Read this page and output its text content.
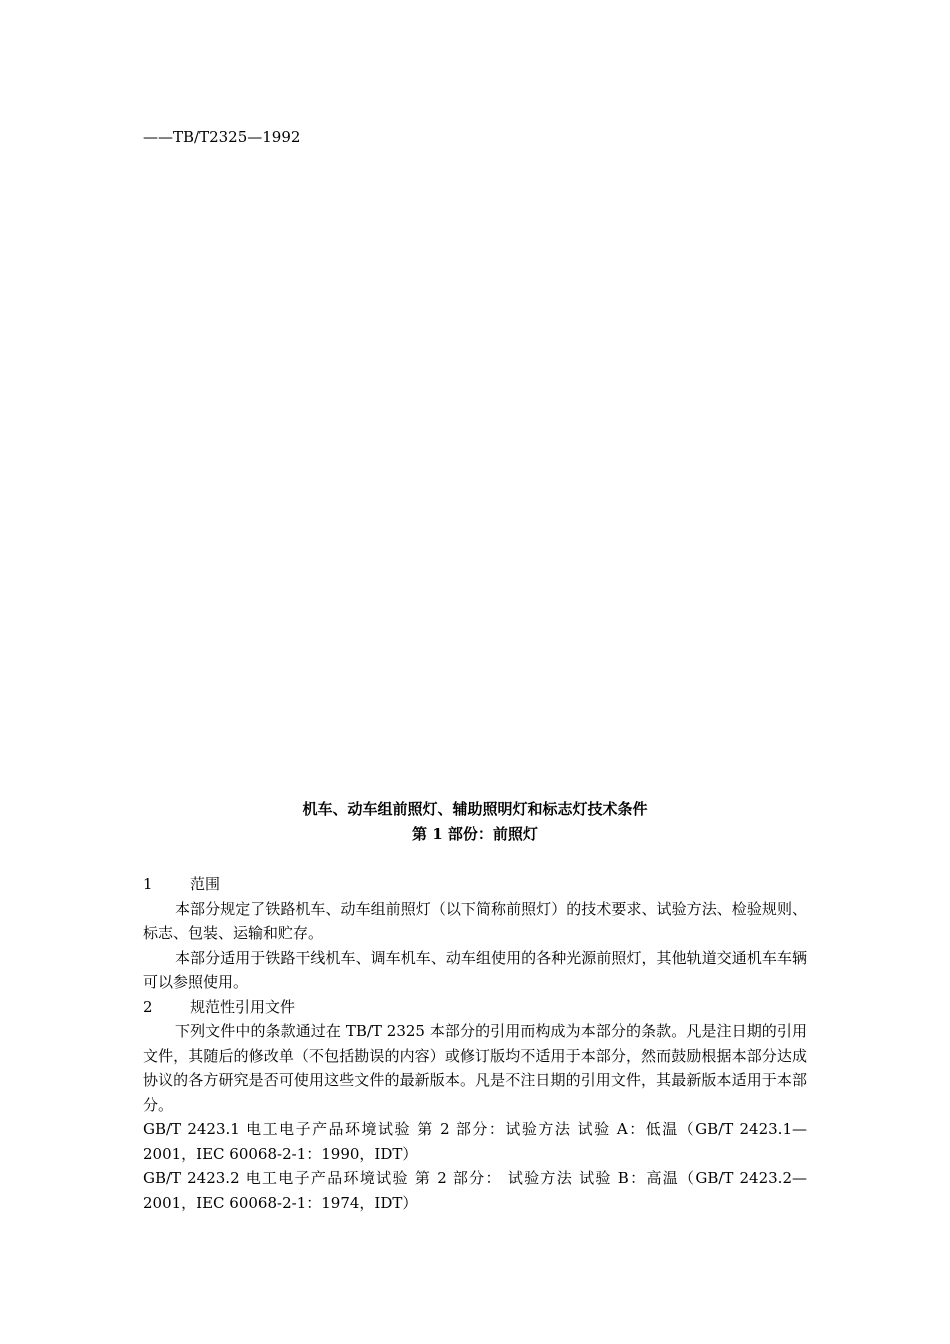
——TB/T2325—1992
机车、动车组前照灯、辅助照明灯和标志灯技术条件
第 1 部份：前照灯

1 范围

本部分规定了铁路机车、动车组前照灯（以下简称前照灯）的技术要求、试验方法、检验规则、标志、包装、运输和贮存。

本部分适用于铁路干线机车、调车机车、动车组使用的各种光源前照灯，其他轨道交通机车车辆可以参照使用。

2 规范性引用文件

下列文件中的条款通过在 TB/T 2325 本部分的引用而构成为本部分的条款。凡是注日期的引用文件，其随后的修改单（不包括勘误的内容）或修订版均不适用于本部分，然而鼓励根据本部分达成协议的各方研究是否可使用这些文件的最新版本。凡是不注日期的引用文件，其最新版本适用于本部分。

GB/T 2423.1 电工电子产品环境试验 第 2 部分：试验方法 试验 A：低温（GB/T 2423.1—2001，IEC 60068-2-1：1990，IDT）

GB/T 2423.2 电工电子产品环境试验 第 2 部分： 试验方法 试验 B：高温（GB/T 2423.2—2001，IEC 60068-2-1：1974，IDT）
